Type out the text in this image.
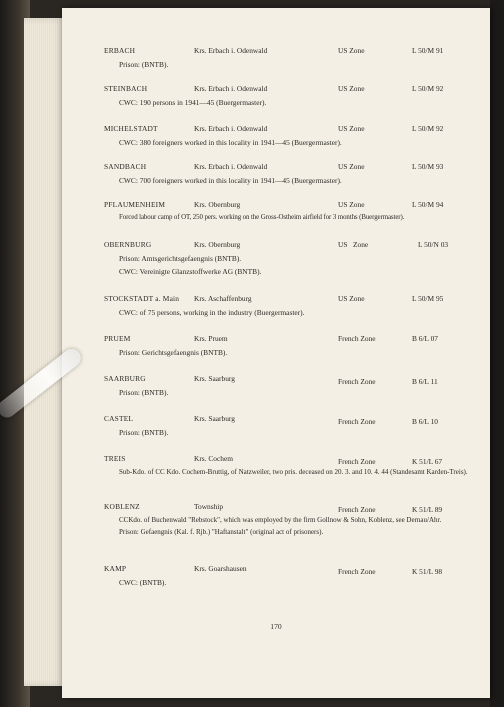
ERBACH	Krs. Erbach i. Odenwald	US Zone	L 50/M 91
Prison: (BNTB).
STEINBACH	Krs. Erbach i. Odenwald	US Zone	L 50/M 92
CWC: 190 persons in 1941—45 (Buergermaster).
MICHELSTADT	Krs. Erbach i. Odenwald	US Zone	L 50/M 92
CWC: 380 foreigners worked in this locality in 1941—45 (Buergermaster).
SANDBACH	Krs. Erbach i. Odenwald	US Zone	L 50/M 93
CWC: 700 foreigners worked in this locality in 1941—45 (Buergermaster).
PFLAUMENHEIM	Krs. Obernburg	US Zone	L 50/M 94
Forced labour camp of OT, 250 pers. working on the Gross-Ostheim airfield for 3 months (Buergermaster).
OBERNBURG	Krs. Obernburg	US   Zone	L 50/N 03
Prison: Amtsgerichtsgefaengnis (BNTB).
CWC: Vereinigte Glanzstoffwerke AG (BNTB).
STOCKSTADT a. Main Krs. Aschaffenburg	US Zone	L 50/M 95
CWC: of 75 persons, working in the industry (Buergermaster).
PRUEM	Krs. Pruem	French Zone	B 6/L 07
Prison: Gerichtsgefaengnis (BNTB).
SAARBURG	Krs. Saarburg	French Zone	B 6/L 11
Prison: (BNTB).
CASTEL	Krs. Saarburg	French Zone	B 6/L 10
Prison: (BNTB).
TREIS	Krs. Cochem	French Zone	K 51/L 67
Sub-Kdo. of CC Kdo. Cochem-Bruttig, of Natzweiler, two pris. deceased on 20. 3. and 10. 4. 44 (Standesamt Karden-Treis).
KOBLENZ	Township	French Zone	K 51/L 89
CCKdo. of Buchenwald "Rebstock", which was employed by the firm Gollnow & Sohn, Koblenz, see Dernau/Ahr.
Prison: Gefaengnis (Kal. f. Rjb.) "Haftanstalt" (original act of prisoners).
KAMP	Krs. Goarshausen	French Zone	K 51/L 98
CWC: (BNTB).
170
